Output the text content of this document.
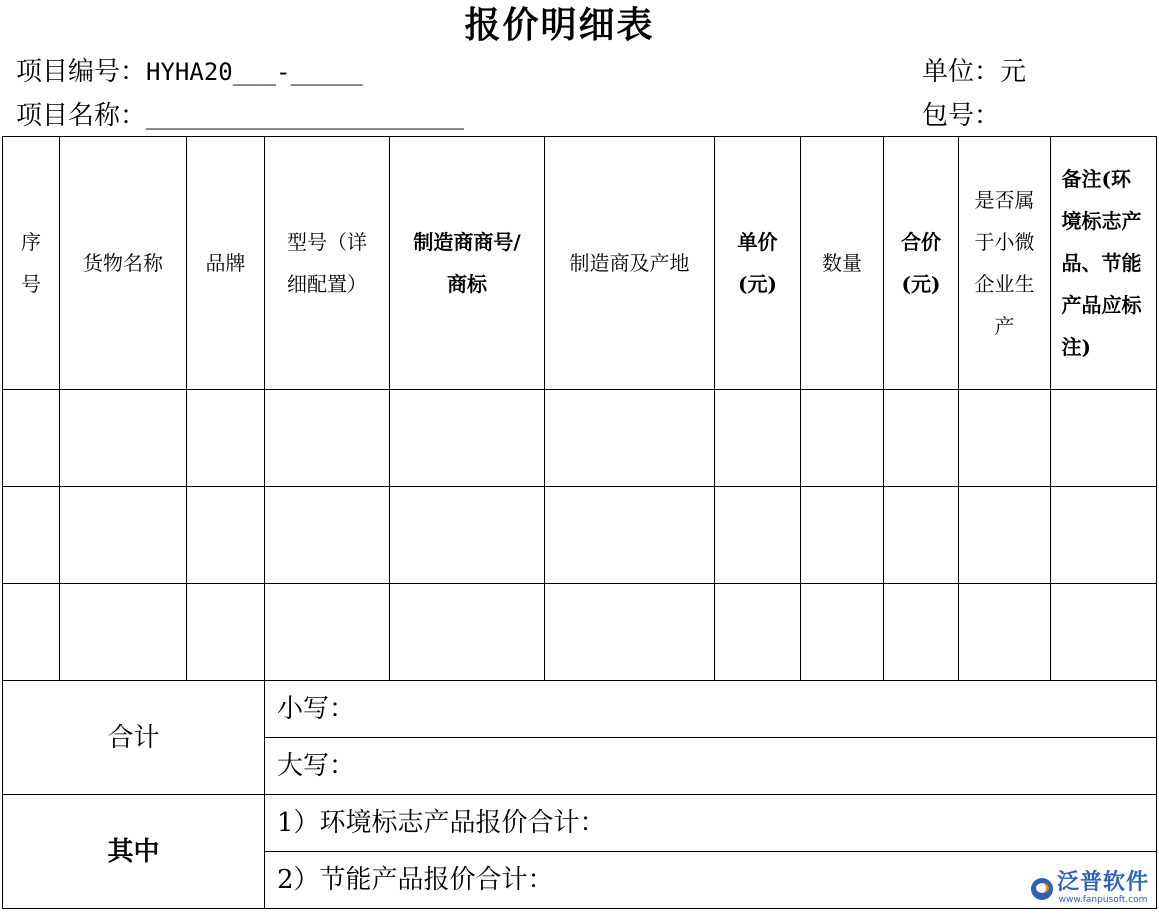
报价明细表
项目编号：HYHA20___-_____	单位：元
项目名称：______________________	包号：
序号	货物名称	品牌	型号（详细配置）	制造商商号/商标	制造商及产地	单价(元)	数量	合价(元)	是否属于小微企业生产	备注(环境标志产品、节能产品应标注)

合计			小写：							
			大写：							
其中			1）环境标志产品报价合计：							
			2）节能产品报价合计：								泛普软件
www.fanpusoft.com
